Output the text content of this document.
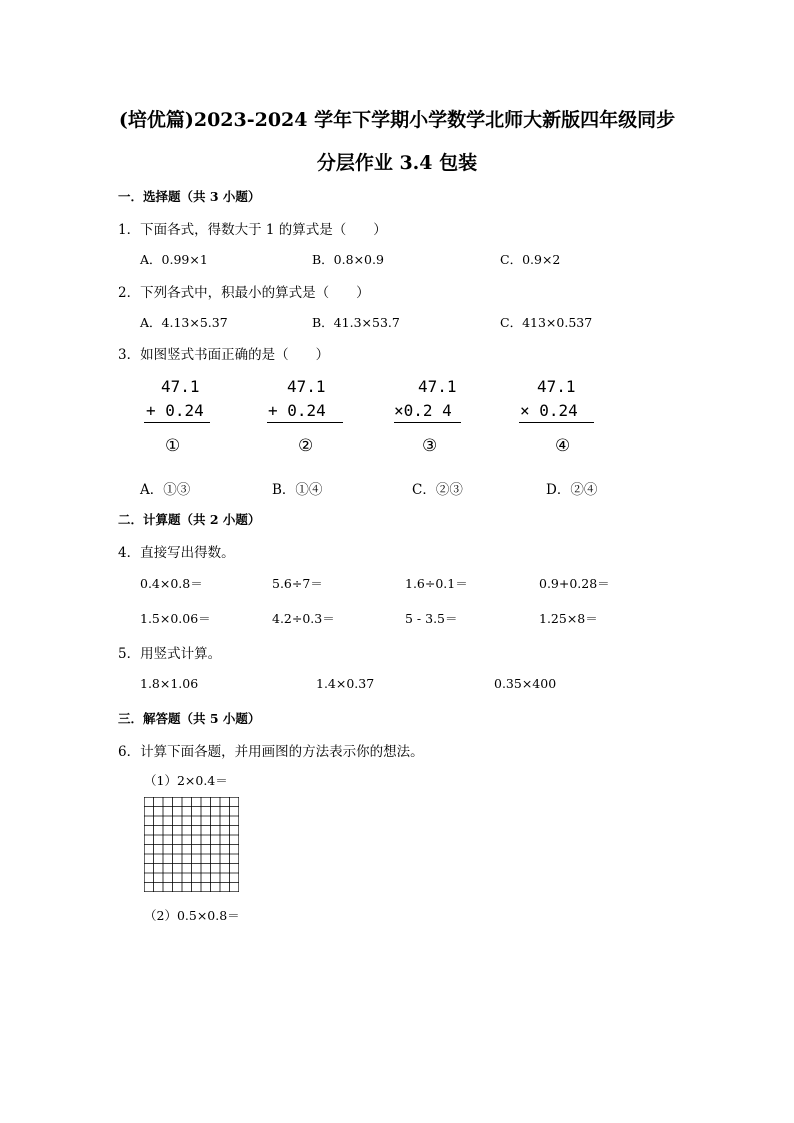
(培优篇)2023-2024 学年下学期小学数学北师大新版四年级同步
分层作业 3.4 包装
一．选择题（共 3 小题）
1．下面各式，得数大于 1 的算式是（　　）
A．0.99×1	B．0.8×0.9	C．0.9×2
2．下列各式中，积最小的算式是（　　）
A．4.13×5.37	B．41.3×53.7	C．413×0.537
3．如图竖式书面正确的是（　　）
47.1
+ 0.24
①
47.1
+ 0.24
②
47.1
×0.2 4
③
47.1
× 0.24
④
A．①③	B．①④	C．②③	D．②④
二．计算题（共 2 小题）
4．直接写出得数。
0.4×0.8＝	5.6÷7＝	1.6÷0.1＝	0.9+0.28＝
1.5×0.06＝	4.2÷0.3＝	5 - 3.5＝	1.25×8＝
5．用竖式计算。
1.8×1.06	1.4×0.37	0.35×400
三．解答题（共 5 小题）
6．计算下面各题，并用画图的方法表示你的想法。
（1）2×0.4＝
（2）0.5×0.8＝
